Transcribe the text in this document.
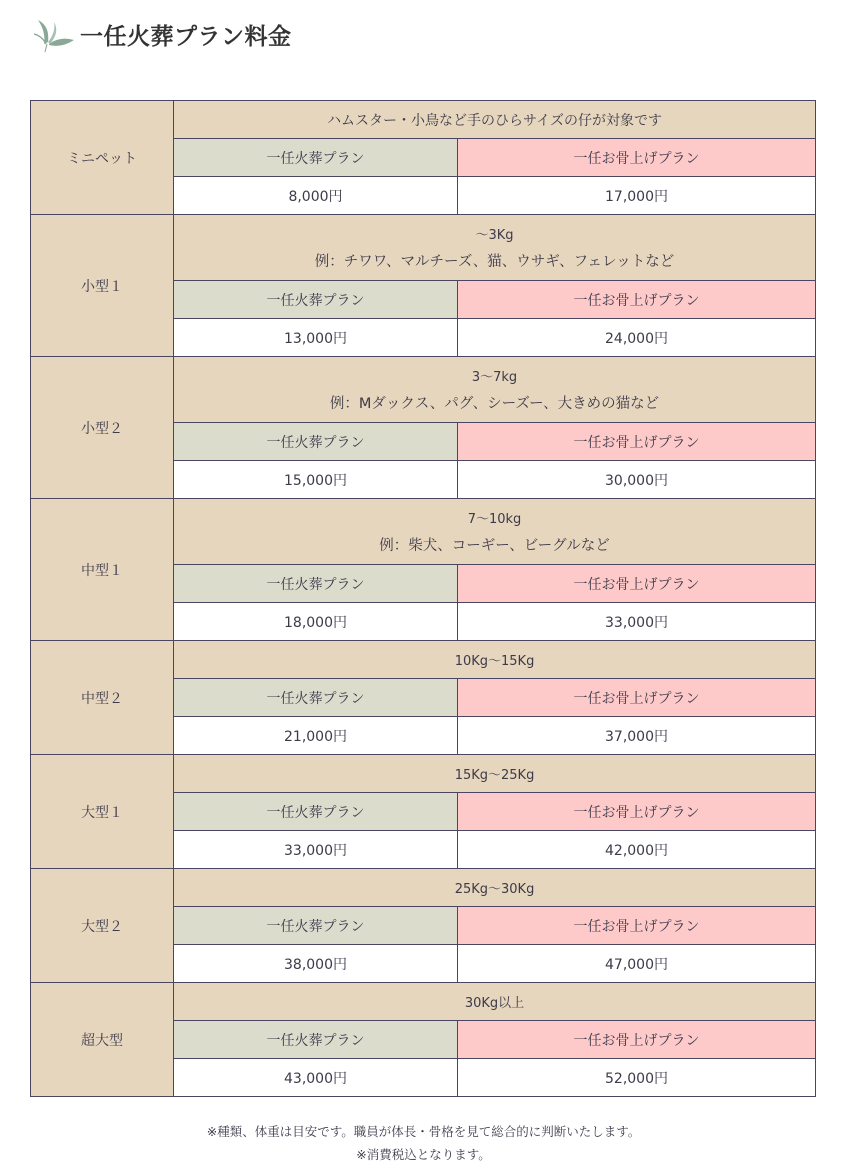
一任火葬プラン料金
ミニペット	ハムスター・小鳥など手のひらサイズの仔が対象です	
	一任火葬プラン	一任お骨上げプラン
	8,000円	17,000円
小型１	〜3Kg
例：チワワ、マルチーズ、猫、ウサギ、フェレットなど	

	一任火葬プラン	一任お骨上げプラン
	13,000円	24,000円
小型２	3〜7kg
例：Mダックス、パグ、シーズー、大きめの猫など	

	一任火葬プラン	一任お骨上げプラン
	15,000円	30,000円
中型１	7〜10kg
例：柴犬、コーギー、ビーグルなど	

	一任火葬プラン	一任お骨上げプラン
	18,000円	33,000円
中型２	10Kg〜15Kg	

	一任火葬プラン	一任お骨上げプラン
	21,000円	37,000円
大型１	15Kg〜25Kg	

	一任火葬プラン	一任お骨上げプラン
	33,000円	42,000円
大型２	25Kg〜30Kg	

	一任火葬プラン	一任お骨上げプラン
	38,000円	47,000円
超大型	30Kg以上	

	一任火葬プラン	一任お骨上げプラン
	43,000円	52,000円
※種類、体重は目安です。職員が体長・骨格を見て総合的に判断いたします。
※消費税込となります。
